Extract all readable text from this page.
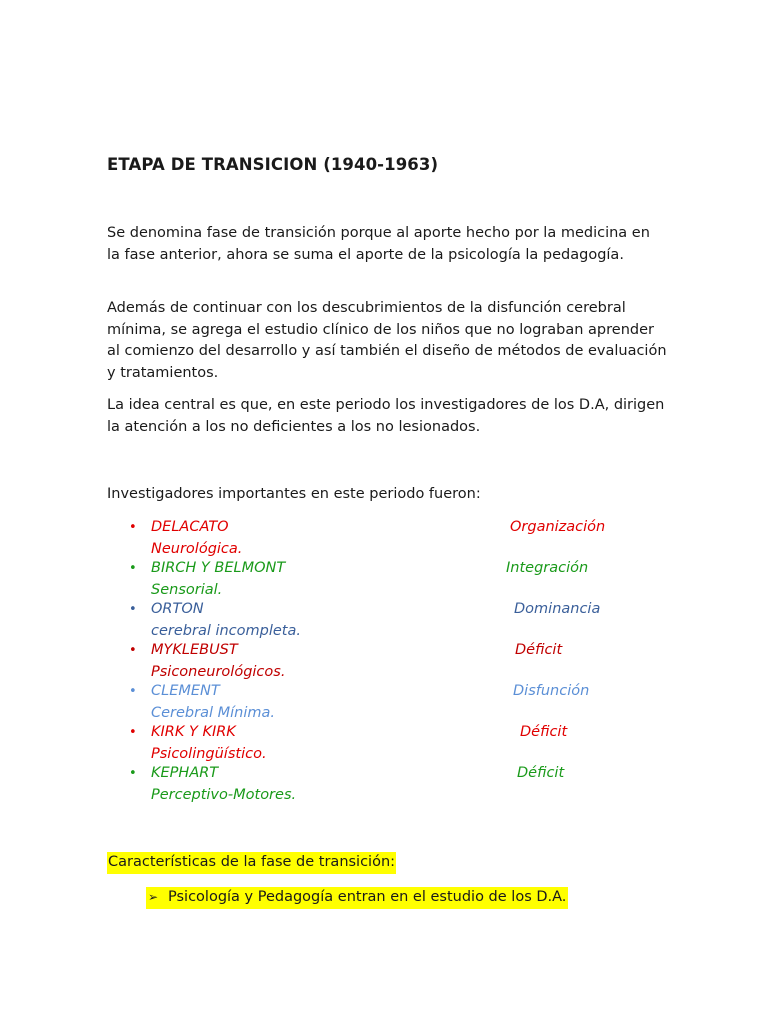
ETAPA DE TRANSICION (1940-1963)

Se denomina fase de transición porque al aporte hecho por la medicina en la fase anterior, ahora se suma el aporte de la psicología la pedagogía.

Además de continuar con los descubrimientos de la disfunción cerebral mínima, se agrega el estudio clínico de los niños que no lograban aprender al comienzo del desarrollo y así también el diseño de métodos de evaluación y tratamientos.

La idea central es que, en este periodo los investigadores de los D.A, dirigen la atención a los no deficientes a los no lesionados.

Investigadores importantes en este periodo fueron:

• DELACATO	Organización
Neurológica.
• BIRCH Y BELMONT	Integración
Sensorial.
• ORTON	Dominancia
cerebral incompleta.
• MYKLEBUST	Déficit
Psiconeurológicos.
• CLEMENT	Disfunción
Cerebral Mínima.
• KIRK Y KIRK	Déficit
Psicolingüístico.
• KEPHART	Déficit
Perceptivo-Motores.

Características de la fase de transición:

➢ Psicología y Pedagogía entran en el estudio de los D.A.
